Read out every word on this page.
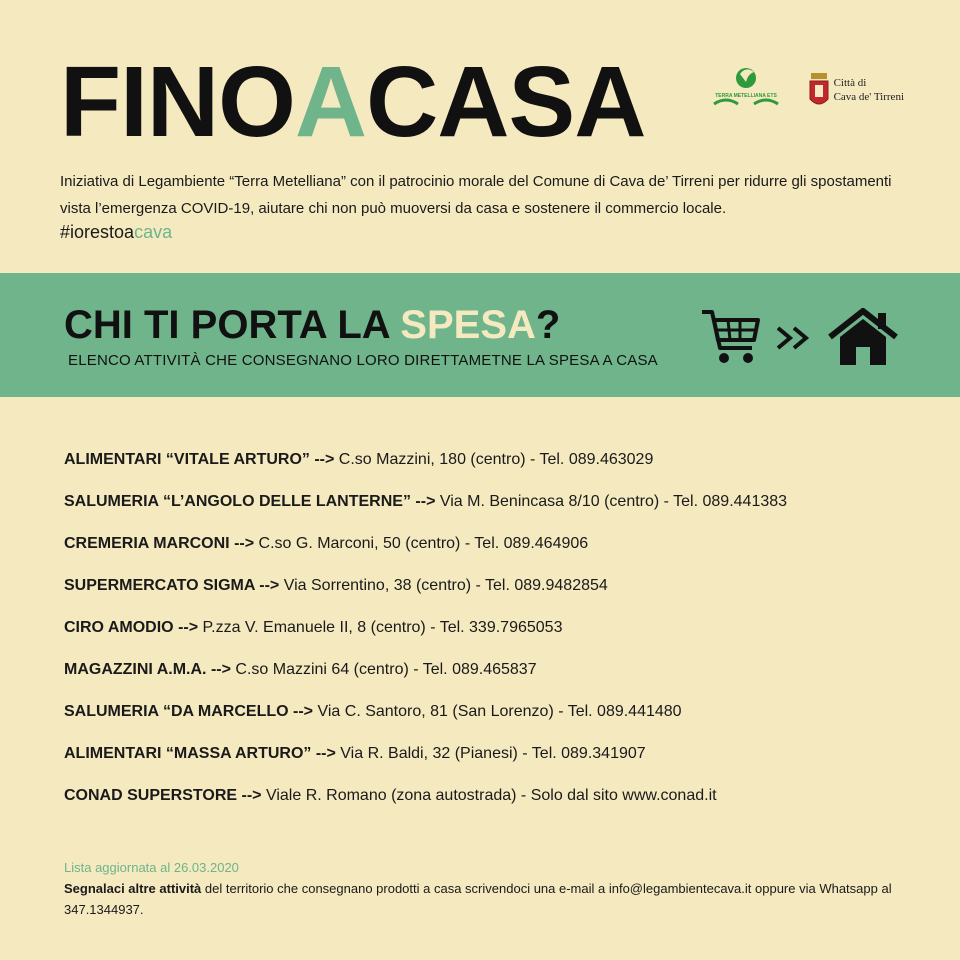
FINOACASA	TERRA METELLIANA ETS
Città di
Cava de' Tirreni
Iniziativa di Legambiente “Terra Metelliana” con il patrocinio morale del Comune di Cava de’ Tirreni per ridurre gli spostamenti vista l’emergenza COVID-19, aiutare chi non può muoversi da casa e sostenere il commercio locale.
#iorestoacava
CHI TI PORTA LA SPESA?
ELENCO ATTIVITÀ CHE CONSEGNANO LORO DIRETTAMETNE LA SPESA A CASA
ALIMENTARI “VITALE ARTURO” --> C.so Mazzini, 180 (centro) - Tel. 089.463029
SALUMERIA “L’ANGOLO DELLE LANTERNE” --> Via M. Benincasa 8/10 (centro) - Tel. 089.441383
CREMERIA MARCONI --> C.so G. Marconi, 50 (centro) - Tel. 089.464906
SUPERMERCATO SIGMA --> Via Sorrentino, 38 (centro) - Tel. 089.9482854
CIRO AMODIO --> P.zza V. Emanuele II, 8 (centro) - Tel. 339.7965053
MAGAZZINI A.M.A. --> C.so Mazzini 64 (centro) - Tel. 089.465837
SALUMERIA “DA MARCELLO --> Via C. Santoro, 81 (San Lorenzo) - Tel. 089.441480
ALIMENTARI “MASSA ARTURO” --> Via R. Baldi, 32 (Pianesi) - Tel. 089.341907
CONAD SUPERSTORE --> Viale R. Romano (zona autostrada) - Solo dal sito www.conad.it
Lista aggiornata al 26.03.2020
Segnalaci altre attività del territorio che consegnano prodotti a casa scrivendoci una e-mail a info@legambientecava.it oppure via Whatsapp al 347.1344937.
